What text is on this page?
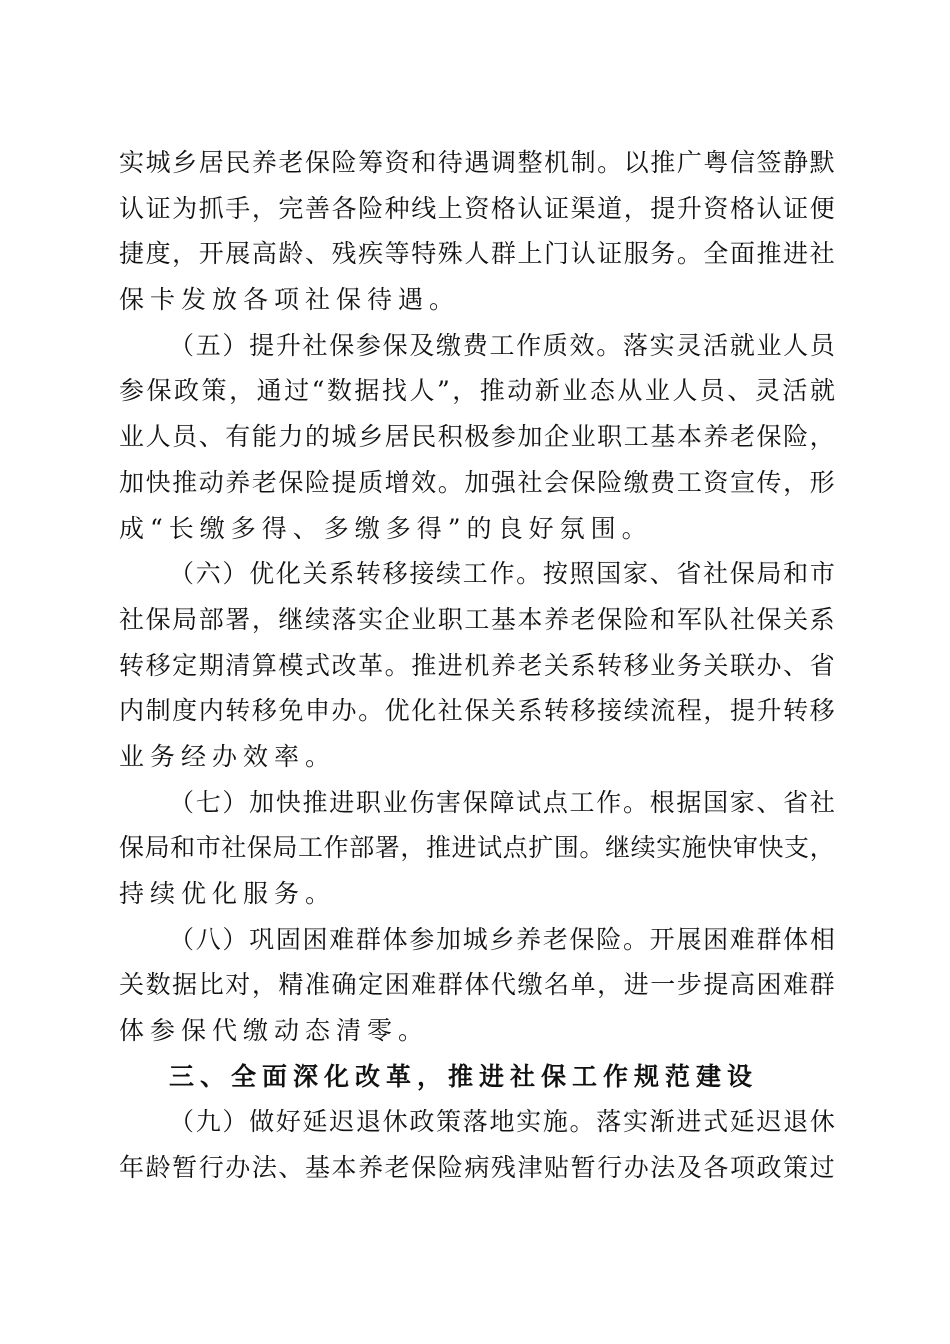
实 城 乡 居 民 养 老 保 险 筹 资 和 待 遇 调 整 机 制 。 以 推 广 粤 信 签 静 默
认 证 为 抓 手 ， 完 善 各 险 种 线 上 资 格 认 证 渠 道 ， 提 升 资 格 认 证 便
捷 度 ， 开 展 高 龄 、 残 疾 等 特 殊 人 群 上 门 认 证 服 务 。 全 面 推 进 社
保卡发放各项社保待遇。
（ 五 ） 提 升 社 保 参 保 及 缴 费 工 作 质 效 。 落 实 灵 活 就 业 人 员
参 保 政 策 ， 通 过 “ 数 据 找 人 ” ， 推 动 新 业 态 从 业 人 员 、 灵 活 就
业 人 员 、 有 能 力 的 城 乡 居 民 积 极 参 加 企 业 职 工 基 本 养 老 保 险 ，
加 快 推 动 养 老 保 险 提 质 增 效 。 加 强 社 会 保 险 缴 费 工 资 宣 传 ， 形
成“长缴多得、多缴多得”的良好氛围。
（ 六 ） 优 化 关 系 转 移 接 续 工 作 。 按 照 国 家 、 省 社 保 局 和 市
社 保 局 部 署 ， 继 续 落 实 企 业 职 工 基 本 养 老 保 险 和 军 队 社 保 关 系
转 移 定 期 清 算 模 式 改 革 。 推 进 机 养 老 关 系 转 移 业 务 关 联 办 、 省
内 制 度 内 转 移 免 申 办 。 优 化 社 保 关 系 转 移 接 续 流 程 ， 提 升 转 移
业务经办效率。
（ 七 ） 加 快 推 进 职 业 伤 害 保 障 试 点 工 作 。 根 据 国 家 、 省 社
保 局 和 市 社 保 局 工 作 部 署 ， 推 进 试 点 扩 围 。 继 续 实 施 快 审 快 支 ，
持续优化服务。
（ 八 ） 巩 固 困 难 群 体 参 加 城 乡 养 老 保 险 。 开 展 困 难 群 体 相
关 数 据 比 对 ， 精 准 确 定 困 难 群 体 代 缴 名 单 ， 进 一 步 提 高 困 难 群
体参保代缴动态清零。
三、全面深化改革，推进社保工作规范建设
（ 九 ） 做 好 延 迟 退 休 政 策 落 地 实 施 。 落 实 渐 进 式 延 迟 退 休
年 龄 暂 行 办 法 、 基 本 养 老 保 险 病 残 津 贴 暂 行 办 法 及 各 项 政 策 过
